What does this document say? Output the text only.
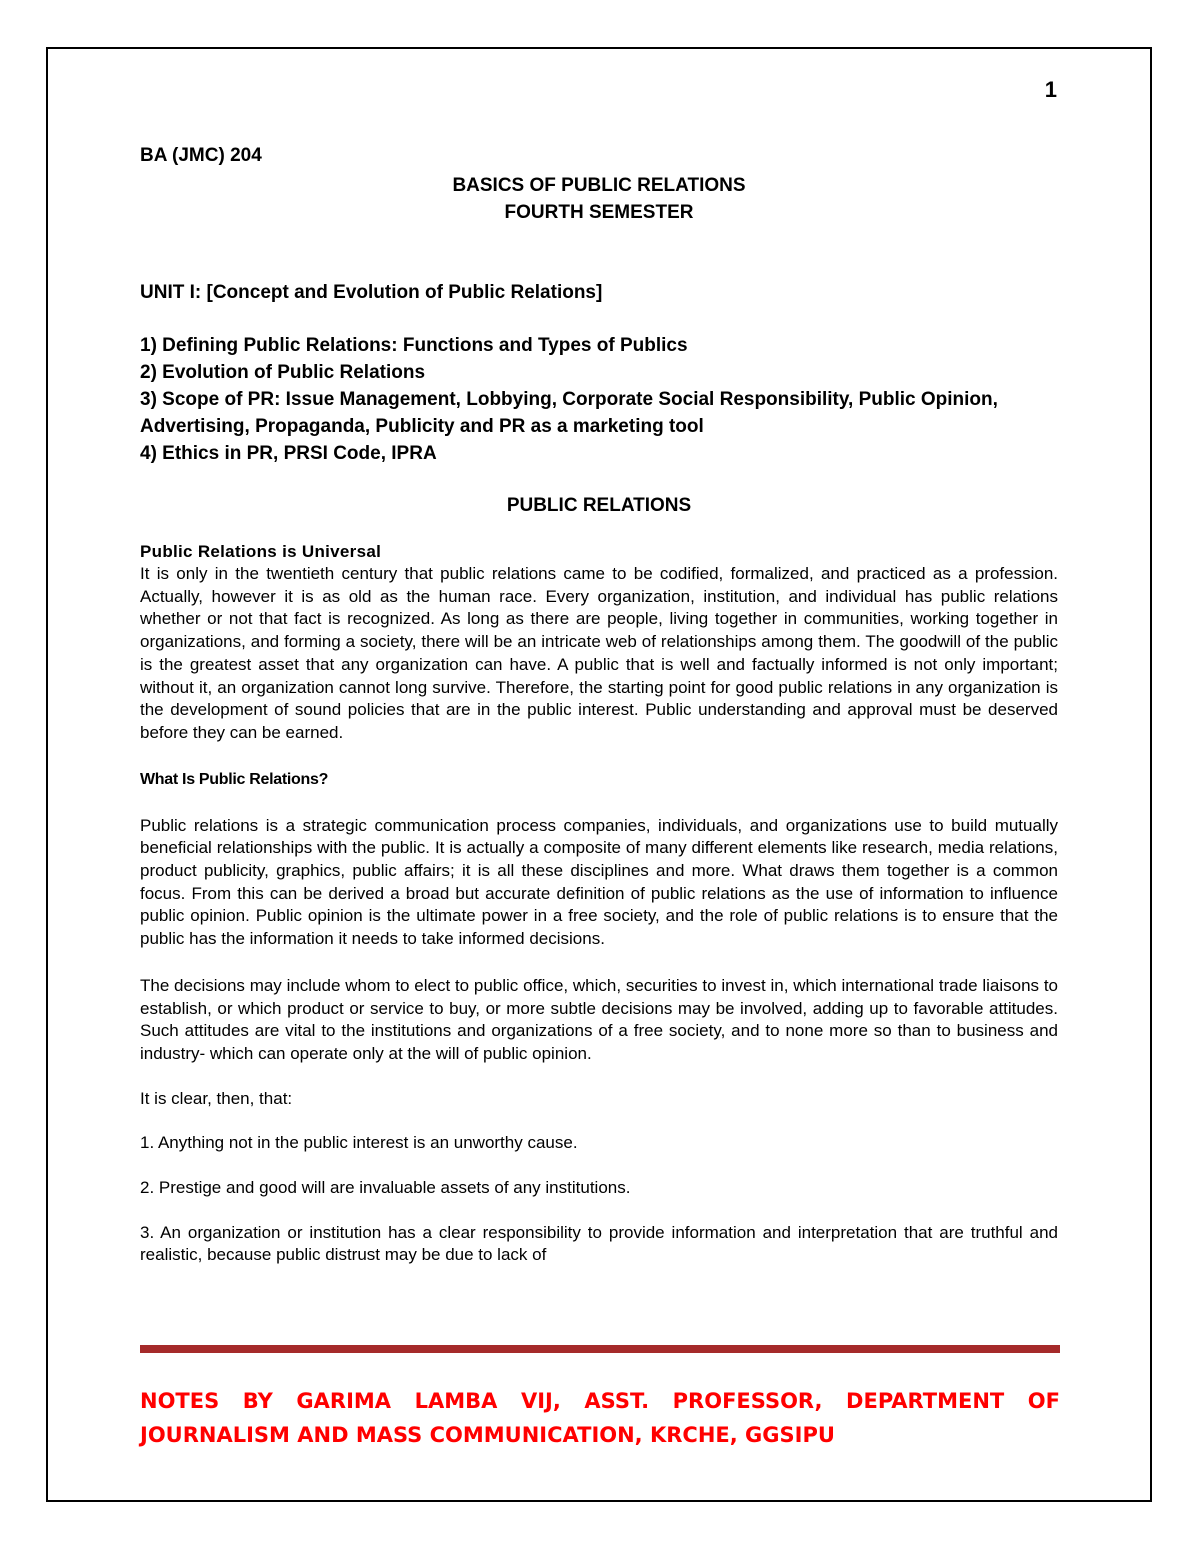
1
BA (JMC) 204
BASICS OF PUBLIC RELATIONS
FOURTH SEMESTER
UNIT I: [Concept and Evolution of Public Relations]
1) Defining Public Relations: Functions and Types of Publics
2) Evolution of Public Relations
3) Scope of PR: Issue Management, Lobbying, Corporate Social Responsibility, Public Opinion, Advertising, Propaganda, Publicity and PR as a marketing tool
4) Ethics in PR, PRSI Code, IPRA
PUBLIC RELATIONS
Public Relations is Universal

It is only in the twentieth century that public relations came to be codified, formalized, and practiced as a profession. Actually, however it is as old as the human race. Every organization, institution, and individual has public relations whether or not that fact is recognized. As long as there are people, living together in communities, working together in organizations, and forming a society, there will be an intricate web of relationships among them. The goodwill of the public is the greatest asset that any organization can have. A public that is well and factually informed is not only important; without it, an organization cannot long survive. Therefore, the starting point for good public relations in any organization is the development of sound policies that are in the public interest. Public understanding and approval must be deserved before they can be earned.

What Is Public Relations?

Public relations is a strategic communication process companies, individuals, and organizations use to build mutually beneficial relationships with the public. It is actually a composite of many different elements like research, media relations, product publicity, graphics, public affairs; it is all these disciplines and more. What draws them together is a common focus. From this can be derived a broad but accurate definition of public relations as the use of information to influence public opinion. Public opinion is the ultimate power in a free society, and the role of public relations is to ensure that the public has the information it needs to take informed decisions.

The decisions may include whom to elect to public office, which, securities to invest in, which international trade liaisons to establish, or which product or service to buy, or more subtle decisions may be involved, adding up to favorable attitudes. Such attitudes are vital to the institutions and organizations of a free society, and to none more so than to business and industry- which can operate only at the will of public opinion.

It is clear, then, that:
1. Anything not in the public interest is an unworthy cause.
2. Prestige and good will are invaluable assets of any institutions.
3. An organization or institution has a clear responsibility to provide information and interpretation that are truthful and realistic, because public distrust may be due to lack of
NOTES BY GARIMA LAMBA VIJ, ASST. PROFESSOR, DEPARTMENT OF JOURNALISM AND MASS COMMUNICATION, KRCHE, GGSIPU
